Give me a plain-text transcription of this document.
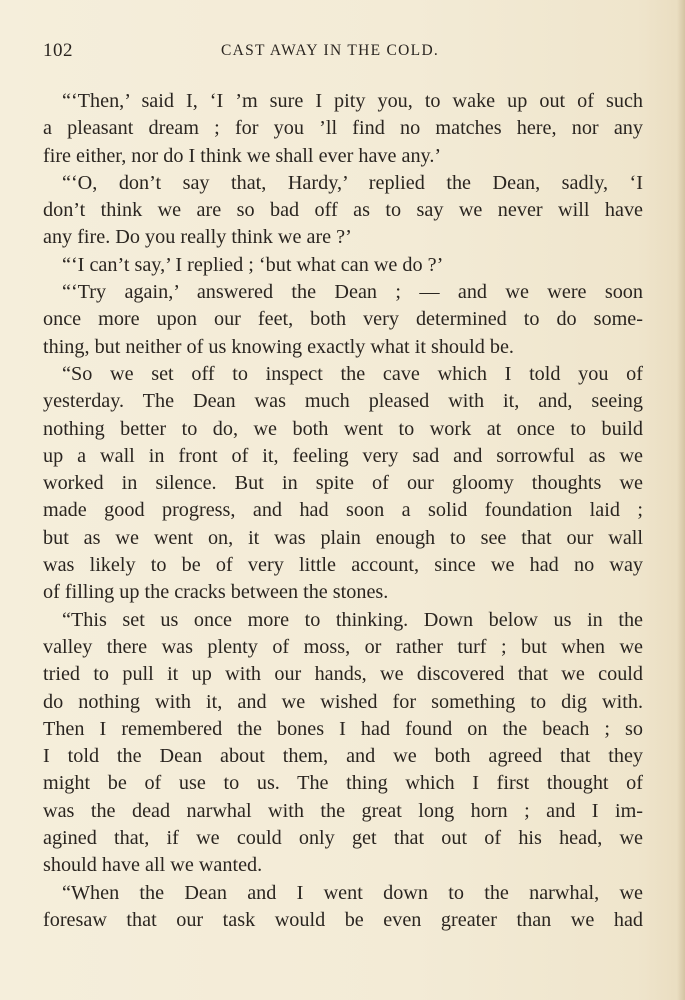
102	CAST AWAY IN THE COLD.
“‘Then,’ said I, ‘I ’m sure I pity you, to wake up out of such
a pleasant dream ; for you ’ll find no matches here, nor any
fire either, nor do I think we shall ever have any.’
“‘O, don’t say that, Hardy,’ replied the Dean, sadly, ‘I
don’t think we are so bad off as to say we never will have
any fire. Do you really think we are ?’
“‘I can’t say,’ I replied ; ‘but what can we do ?’
“‘Try again,’ answered the Dean ; — and we were soon
once more upon our feet, both very determined to do some-
thing, but neither of us knowing exactly what it should be.
“So we set off to inspect the cave which I told you of
yesterday. The Dean was much pleased with it, and, seeing
nothing better to do, we both went to work at once to build
up a wall in front of it, feeling very sad and sorrowful as we
worked in silence. But in spite of our gloomy thoughts we
made good progress, and had soon a solid foundation laid ;
but as we went on, it was plain enough to see that our wall
was likely to be of very little account, since we had no way
of filling up the cracks between the stones.
“This set us once more to thinking. Down below us in the
valley there was plenty of moss, or rather turf ; but when we
tried to pull it up with our hands, we discovered that we could
do nothing with it, and we wished for something to dig with.
Then I remembered the bones I had found on the beach ; so
I told the Dean about them, and we both agreed that they
might be of use to us. The thing which I first thought of
was the dead narwhal with the great long horn ; and I im-
agined that, if we could only get that out of his head, we
should have all we wanted.
“When the Dean and I went down to the narwhal, we
foresaw that our task would be even greater than we had
